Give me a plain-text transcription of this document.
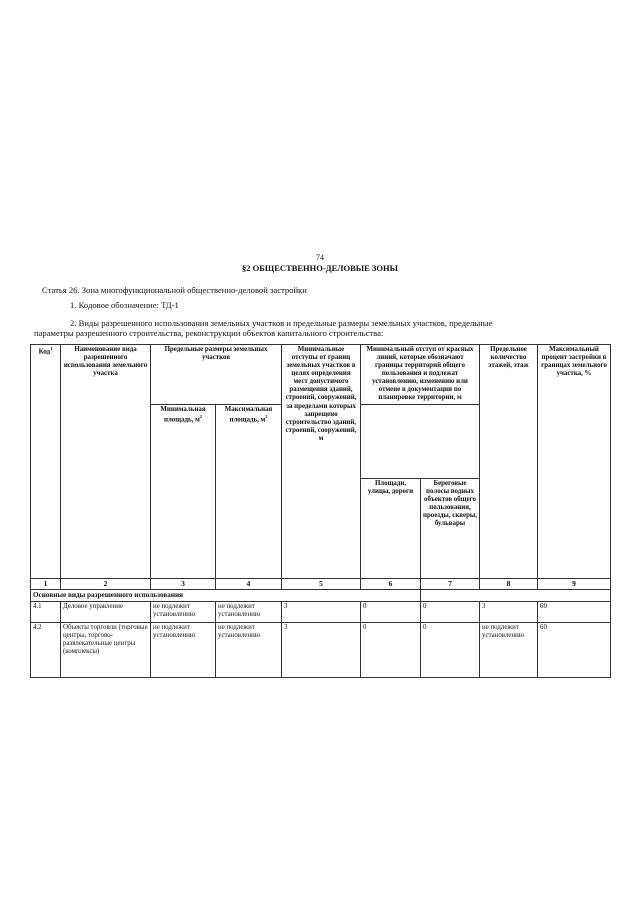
74
§2 ОБЩЕСТВЕННО-ДЕЛОВЫЕ ЗОНЫ
Статья 26. Зона многофункциональной общественно-деловой застройки
1. Кодовое обозначение: ТД-1
2. Виды разрешенного использования земельных участков и предельные размеры земельных участков, предельные
параметры разрешенного строительства, реконструкции объектов капитального строительства:
Код$^1$	Наименование вида разрешенного использования земельного участка	Предельные размеры земельных участков		Минимальные отступы от границ земельных участков в целях определения мест допустимого размещения зданий, строений, сооружений, за пределами которых запрещено строительство зданий, строений, сооружений, м	Минимальный отступ от красных линий, которые обозначают границы территорий общего пользования и подлежат установлению, изменению или отмене в документации по планировке территории, м		Предельное количество этажей, этаж	Максимальный процент застройки в границах земельного участка, %
		Минимальная площадь, $м^2$	Максимальная площадь, $м^2$
					Площади, улицы, дороги	Береговые полосы водных объектов общего пользования, проезды, скверы, бульвары		
1	2	3	4	5	6	7	8	9
Основные виды разрешенного использования								
4.1	Деловое управление	не подлежит установлению	не подлежит установлению	3	0	0	3	60
4.2	Объекты торговли (торговые центры, торгово-развлекательные центры (комплексы)	не подлежит установлению	не подлежит установлению	3	0	0	не подлежит установлению	60
